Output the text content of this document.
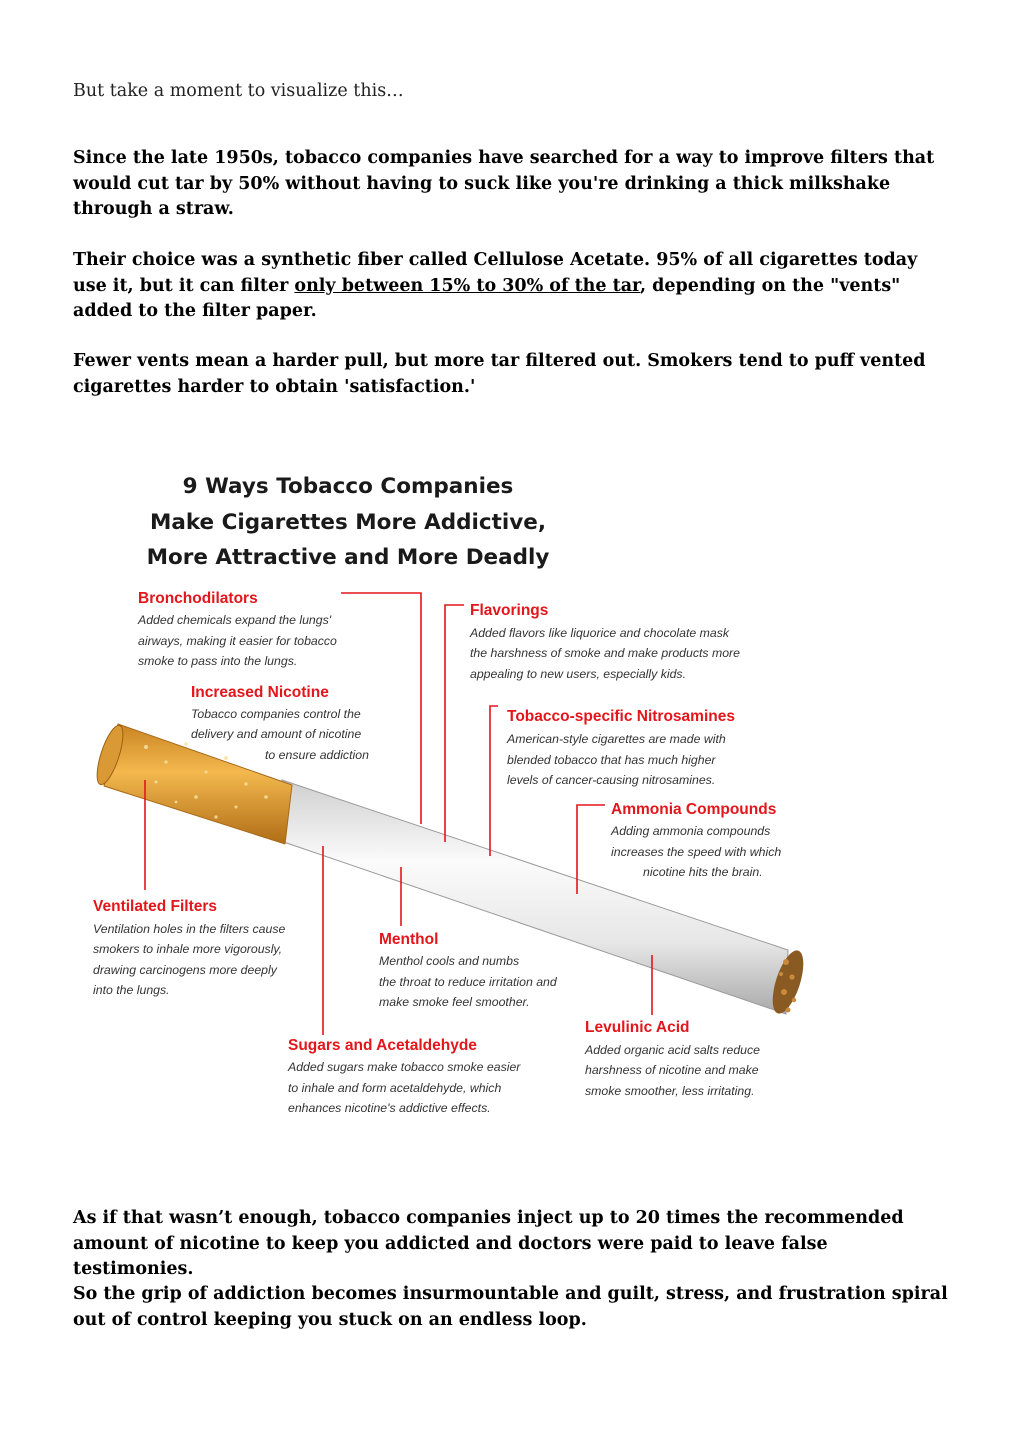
But take a moment to visualize this…

Since the late 1950s, tobacco companies have searched for a way to improve filters that would cut tar by 50% without having to suck like you're drinking a thick milkshake through a straw.

Their choice was a synthetic fiber called Cellulose Acetate. 95% of all cigarettes today use it, but it can filter only between 15% to 30% of the tar, depending on the "vents" added to the filter paper.

Fewer vents mean a harder pull, but more tar filtered out. Smokers tend to puff vented cigarettes harder to obtain 'satisfaction.'

9 Ways Tobacco Companies
Make Cigarettes More Addictive,
More Attractive and More Deadly
Bronchodilators
Added chemicals expand the lungs'
airways, making it easier for tobacco
smoke to pass into the lungs.
Flavorings
Added flavors like liquorice and chocolate mask
the harshness of smoke and make products more
appealing to new users, especially kids.
Increased Nicotine
Tobacco companies control the
delivery and amount of nicotine
to ensure addiction
Tobacco-specific Nitrosamines
American-style cigarettes are made with
blended tobacco that has much higher
levels of cancer-causing nitrosamines.
Ammonia Compounds
Adding ammonia compounds
increases the speed with which
nicotine hits the brain.
Ventilated Filters
Ventilation holes in the filters cause
smokers to inhale more vigorously,
drawing carcinogens more deeply
into the lungs.
Menthol
Menthol cools and numbs
the throat to reduce irritation and
make smoke feel smoother.
Levulinic Acid
Added organic acid salts reduce
harshness of nicotine and make
smoke smoother, less irritating.
Sugars and Acetaldehyde
Added sugars make tobacco smoke easier
to inhale and form acetaldehyde, which
enhances nicotine's addictive effects.

As if that wasn’t enough, tobacco companies inject up to 20 times the recommended amount of nicotine to keep you addicted and doctors were paid to leave false testimonies.

So the grip of addiction becomes insurmountable and guilt, stress, and frustration spiral out of control keeping you stuck on an endless loop.
